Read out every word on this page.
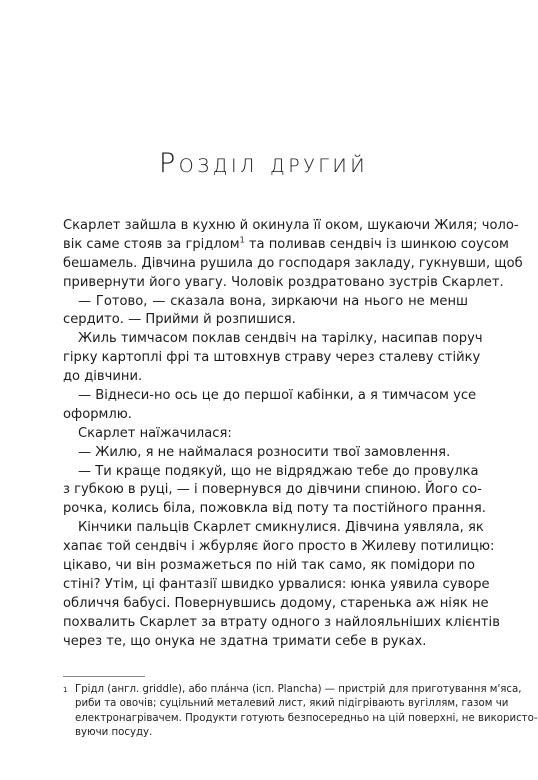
Розділ другий
Скарлет зайшла в кухню й окинула її оком, шукаючи Жиля; чоло-
вік саме стояв за грідлом$^1$ та поливав сендвіч із шинкою соусом
бешамель. Дівчина рушила до господаря закладу, гукнувши, щоб
привернути його увагу. Чоловік роздратовано зустрів Скарлет.
— Готово, — сказала вона, зиркаючи на нього не менш
сердито. — Прийми й розпишися.
Жиль тимчасом поклав сендвіч на тарілку, насипав поруч
гірку картоплі фрі та штовхнув страву через сталеву стійку
до дівчини.
— Віднеси-но ось це до першої кабінки, а я тимчасом усе
оформлю.
Скарлет наїжачилася:
— Жилю, я не наймалася розносити твої замовлення.
— Ти краще подякуй, що не відряджаю тебе до провулка
з губкою в руці, — і повернувся до дівчини спиною. Його со-
рочка, колись біла, пожовкла від поту та постійного прання.
Кінчики пальців Скарлет смикнулися. Дівчина уявляла, як
хапає той сендвіч і жбурляє його просто в Жилеву потилицю:
цікаво, чи він розмажеться по ній так само, як помідори по
стіні? Утім, ці фантазії швидко урвалися: юнка уявила суворе
обличчя бабусі. Повернувшись додому, старенька аж ніяк не
похвалить Скарлет за втрату одного з найлояльніших клієнтів
через те, що онука не здатна тримати себе в руках.
1 Грідл (англ. griddle), або пла́нча (ісп. Plancha) — пристрій для приготування м'яса,
риби та овочів; суцільний металевий лист, який підігрівають вугіллям, газом чи
електронагрівачем. Продукти готують безпосередньо на цій поверхні, не використо-
вуючи посуду.
